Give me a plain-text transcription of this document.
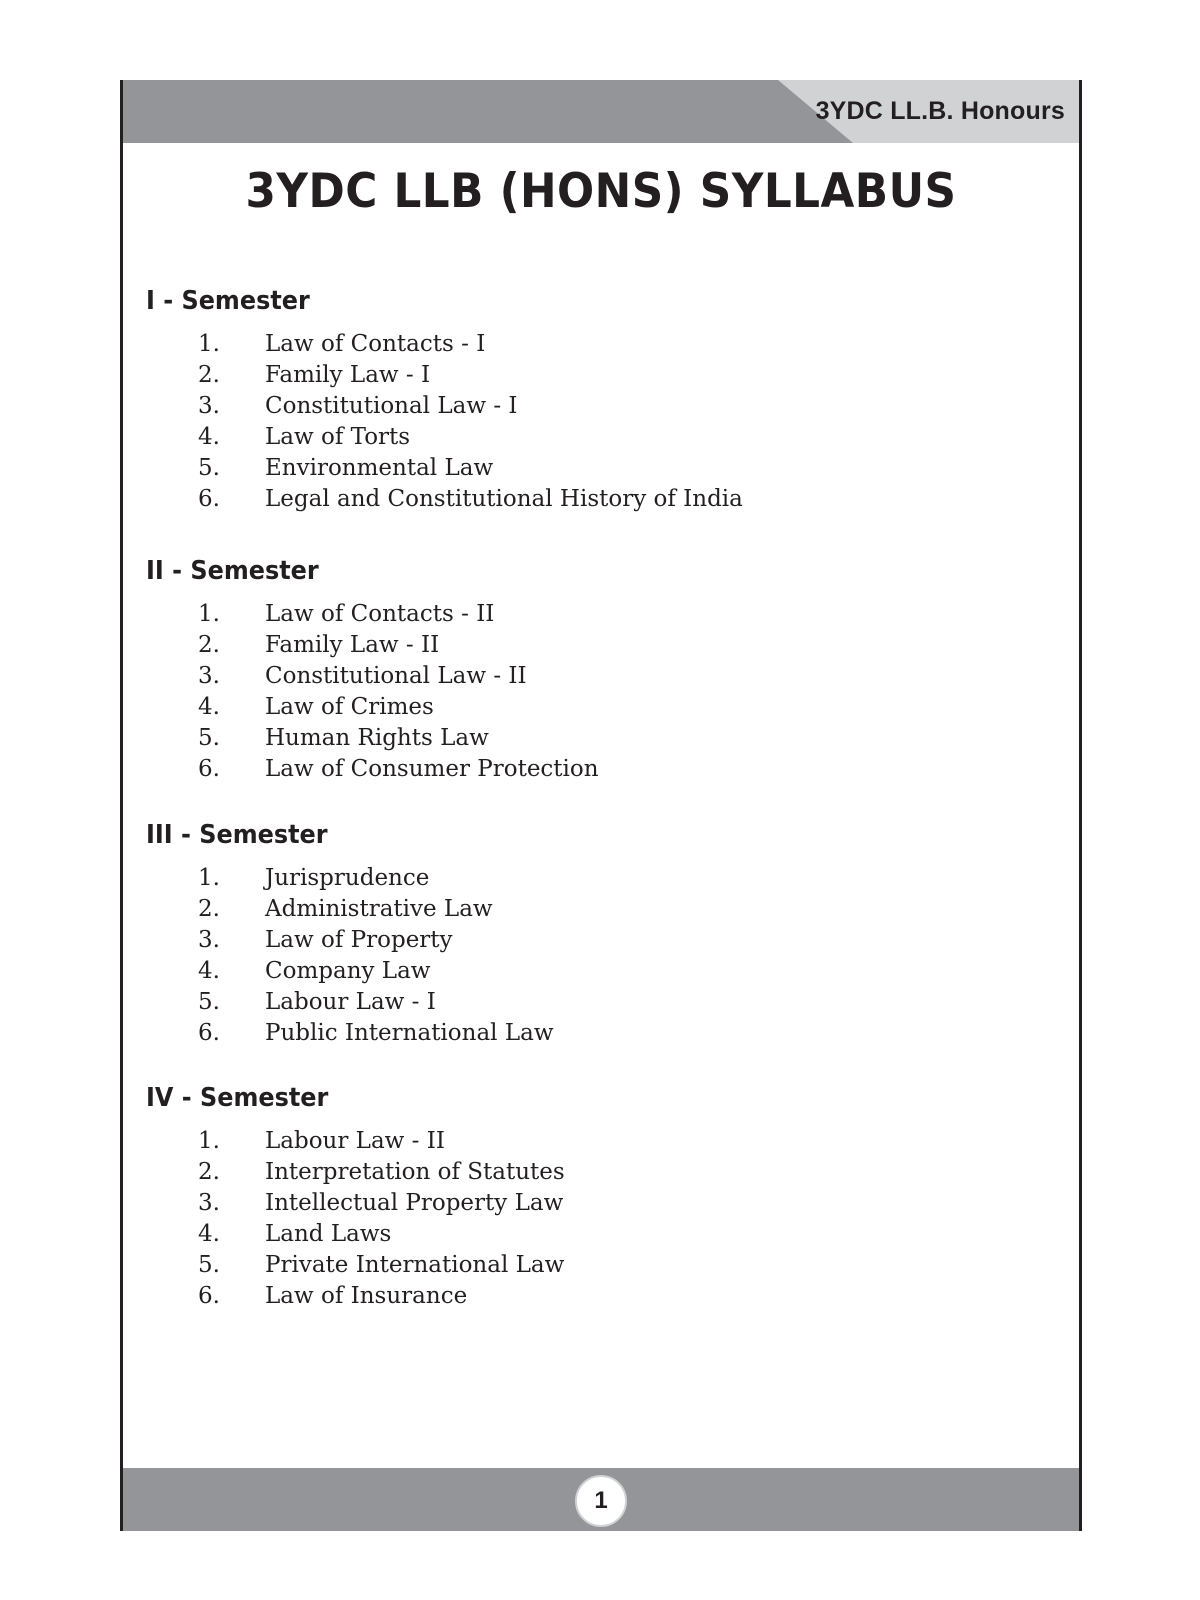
3YDC LL.B. Honours
3YDC LLB (HONS) SYLLABUS
I - Semester
1. Law of Contacts - I
2. Family Law - I
3. Constitutional Law - I
4. Law of Torts
5. Environmental Law
6. Legal and Constitutional History of India
II - Semester
1. Law of Contacts - II
2. Family Law - II
3. Constitutional Law - II
4. Law of Crimes
5. Human Rights Law
6. Law of Consumer Protection
III - Semester
1. Jurisprudence
2. Administrative Law
3. Law of Property
4. Company Law
5. Labour Law - I
6. Public International Law
IV - Semester
1. Labour Law - II
2. Interpretation of Statutes
3. Intellectual Property Law
4. Land Laws
5. Private International Law
6. Law of Insurance
1
